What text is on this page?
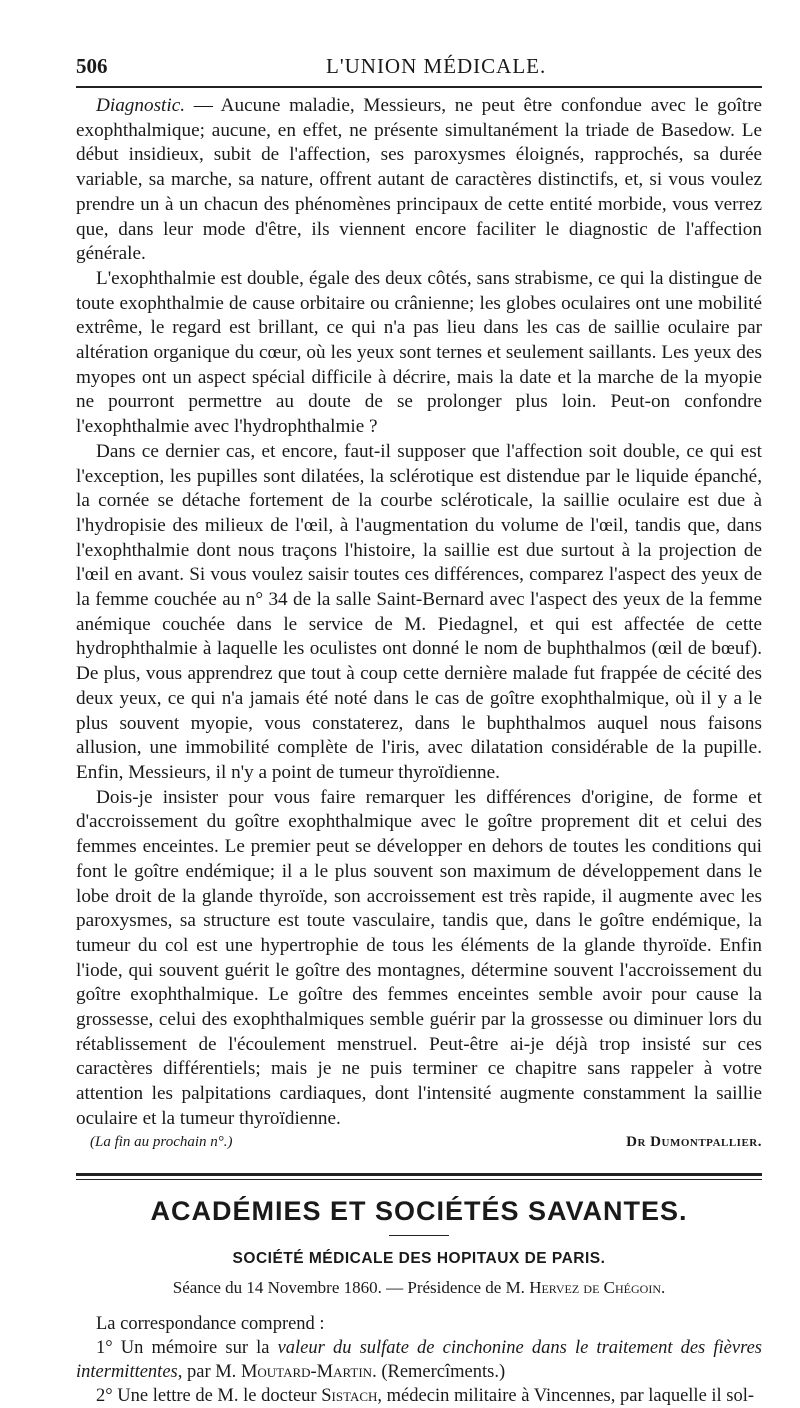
506	L'UNION MÉDICALE.

Diagnostic. — Aucune maladie, Messieurs, ne peut être confondue avec le goître exophthalmique; aucune, en effet, ne présente simultanément la triade de Basedow. Le début insidieux, subit de l'affection, ses paroxysmes éloignés, rapprochés, sa durée variable, sa marche, sa nature, offrent autant de caractères distinctifs, et, si vous voulez prendre un à un chacun des phénomènes principaux de cette entité morbide, vous verrez que, dans leur mode d'être, ils viennent encore faciliter le diagnostic de l'affection générale.

L'exophthalmie est double, égale des deux côtés, sans strabisme, ce qui la distingue de toute exophthalmie de cause orbitaire ou crânienne; les globes oculaires ont une mobilité extrême, le regard est brillant, ce qui n'a pas lieu dans les cas de saillie oculaire par altération organique du cœur, où les yeux sont ternes et seulement saillants. Les yeux des myopes ont un aspect spécial difficile à décrire, mais la date et la marche de la myopie ne pourront permettre au doute de se prolonger plus loin. Peut-on confondre l'exophthalmie avec l'hydrophthalmie ?

Dans ce dernier cas, et encore, faut-il supposer que l'affection soit double, ce qui est l'exception, les pupilles sont dilatées, la sclérotique est distendue par le liquide épanché, la cornée se détache fortement de la courbe scléroticale, la saillie oculaire est due à l'hydropisie des milieux de l'œil, à l'augmentation du volume de l'œil, tandis que, dans l'exophthalmie dont nous traçons l'histoire, la saillie est due surtout à la projection de l'œil en avant. Si vous voulez saisir toutes ces différences, comparez l'aspect des yeux de la femme couchée au n° 34 de la salle Saint-Bernard avec l'aspect des yeux de la femme anémique couchée dans le service de M. Piedagnel, et qui est affectée de cette hydrophthalmie à laquelle les oculistes ont donné le nom de buphthalmos (œil de bœuf). De plus, vous apprendrez que tout à coup cette dernière malade fut frappée de cécité des deux yeux, ce qui n'a jamais été noté dans le cas de goître exophthalmique, où il y a le plus souvent myopie, vous constaterez, dans le buphthalmos auquel nous faisons allusion, une immobilité complète de l'iris, avec dilatation considérable de la pupille. Enfin, Messieurs, il n'y a point de tumeur thyroïdienne.

Dois-je insister pour vous faire remarquer les différences d'origine, de forme et d'accroissement du goître exophthalmique avec le goître proprement dit et celui des femmes enceintes. Le premier peut se développer en dehors de toutes les conditions qui font le goître endémique; il a le plus souvent son maximum de développement dans le lobe droit de la glande thyroïde, son accroissement est très rapide, il augmente avec les paroxysmes, sa structure est toute vasculaire, tandis que, dans le goître endémique, la tumeur du col est une hypertrophie de tous les éléments de la glande thyroïde. Enfin l'iode, qui souvent guérit le goître des montagnes, détermine souvent l'accroissement du goître exophthalmique. Le goître des femmes enceintes semble avoir pour cause la grossesse, celui des exophthalmiques semble guérir par la grossesse ou diminuer lors du rétablissement de l'écoulement menstruel. Peut-être ai-je déjà trop insisté sur ces caractères différentiels; mais je ne puis terminer ce chapitre sans rappeler à votre attention les palpitations cardiaques, dont l'intensité augmente constamment la saillie oculaire et la tumeur thyroïdienne.

(La fin au prochain n°.)	Dr Dumontpallier.
ACADÉMIES ET SOCIÉTÉS SAVANTES.
SOCIÉTÉ MÉDICALE DES HOPITAUX DE PARIS.
Séance du 14 Novembre 1860. — Présidence de M. Hervez de Chégoin.

La correspondance comprend :

1° Un mémoire sur la valeur du sulfate de cinchonine dans le traitement des fièvres intermittentes, par M. Moutard-Martin. (Remercîments.)

2° Une lettre de M. le docteur Sistach, médecin militaire à Vincennes, par laquelle il sol-
